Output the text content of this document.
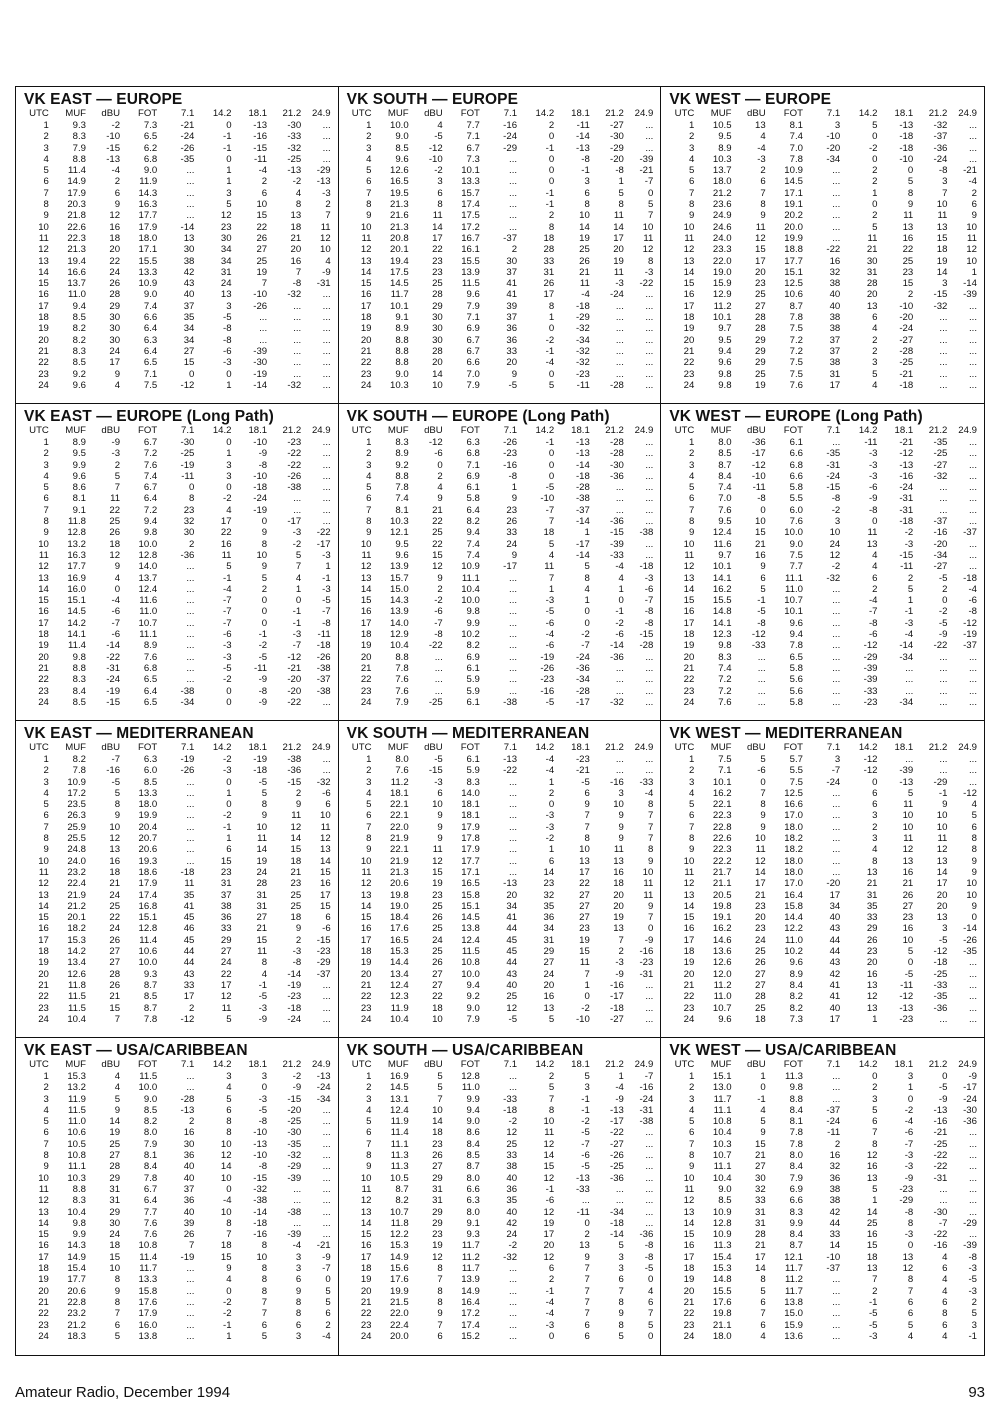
VK EAST — EUROPE
UTC	MUF	dBU	FOT	7.1	14.2	18.1	21.2	24.9
1	9.3	-2	7.3	-21	0	-13	-30	...
2	8.3	-10	6.5	-24	-1	-16	-33	...
3	7.9	-15	6.2	-26	-1	-15	-32	...
4	8.8	-13	6.8	-35	0	-11	-25	...
5	11.4	-4	9.0	...	1	-4	-13	-29
6	14.9	2	11.9	...	1	2	-2	-13
7	17.9	6	14.3	...	3	6	4	-3
8	20.3	9	16.3	...	5	10	8	2
9	21.8	12	17.7	...	12	15	13	7
10	22.6	16	17.9	-14	23	22	18	11
11	22.3	18	18.0	13	30	26	21	12
12	21.3	20	17.1	30	34	27	20	10
13	19.4	22	15.5	38	34	25	16	4
14	16.6	24	13.3	42	31	19	7	-9
15	13.7	26	10.9	43	24	7	-8	-31
16	11.0	28	9.0	40	13	-10	-32	...
17	9.4	29	7.4	37	3	-26	...	...
18	8.5	30	6.6	35	-5	...	...	...
19	8.2	30	6.4	34	-8	...	...	...
20	8.2	30	6.3	34	-8	...	...	...
21	8.3	24	6.4	27	-6	-39	...	...
22	8.5	17	6.5	15	-3	-30	...	...
23	9.2	9	7.1	0	0	-19	...	...
24	9.6	4	7.5	-12	1	-14	-32	...
VK SOUTH — EUROPE
UTC	MUF	dBU	FOT	7.1	14.2	18.1	21.2	24.9
1	10.0	4	7.7	-16	2	-11	-27	...
2	9.0	-5	7.1	-24	0	-14	-30	...
3	8.5	-12	6.7	-29	-1	-13	-29	...
4	9.6	-10	7.3	...	0	-8	-20	-39
5	12.6	-2	10.1	...	0	-1	-8	-21
6	16.5	3	13.3	...	0	3	1	-7
7	19.5	6	15.7	...	-1	6	5	0
8	21.3	8	17.4	...	-1	8	8	5
9	21.6	11	17.5	...	2	10	11	7
10	21.3	14	17.2	...	8	14	14	10
11	20.8	17	16.7	-37	18	19	17	11
12	20.1	22	16.1	2	28	25	20	12
13	19.4	23	15.5	30	33	26	19	8
14	17.5	23	13.9	37	31	21	11	-3
15	14.5	25	11.5	41	26	11	-3	-22
16	11.7	28	9.6	41	17	-4	-24	...
17	10.1	29	7.9	39	8	-18	...	...
18	9.1	30	7.1	37	1	-29	...	...
19	8.9	30	6.9	36	0	-32	...	...
20	8.8	30	6.7	36	-2	-34	...	...
21	8.8	28	6.7	33	-1	-32	...	...
22	8.8	20	6.6	20	-4	-32	...	...
23	9.0	14	7.0	9	0	-23	...	...
24	10.3	10	7.9	-5	5	-11	-28	...
VK WEST — EUROPE
UTC	MUF	dBU	FOT	7.1	14.2	18.1	21.2	24.9
1	10.5	13	8.1	3	5	-13	-32	...
2	9.5	4	7.4	-10	0	-18	-37	...
3	8.9	-4	7.0	-20	-2	-18	-36	...
4	10.3	-3	7.8	-34	0	-10	-24	...
5	13.7	2	10.9	...	2	0	-8	-21
6	18.0	6	14.5	...	2	5	3	-4
7	21.2	7	17.1	...	1	8	7	2
8	23.6	8	19.1	...	0	9	10	6
9	24.9	9	20.2	...	2	11	11	9
10	24.6	11	20.0	...	5	13	13	10
11	24.0	12	19.9	...	11	16	15	11
12	23.3	15	18.8	-22	21	22	18	12
13	22.0	17	17.7	16	30	25	19	10
14	19.0	20	15.1	32	31	23	14	1
15	15.9	23	12.5	38	28	15	3	-14
16	12.9	25	10.6	40	20	2	-15	-39
17	11.2	27	8.7	40	13	-10	-32	...
18	10.1	28	7.8	38	6	-20	...	...
19	9.7	28	7.5	38	4	-24	...	...
20	9.5	29	7.2	37	2	-27	...	...
21	9.4	29	7.2	37	2	-28	...	...
22	9.6	29	7.5	38	3	-25	...	...
23	9.8	25	7.5	31	5	-21	...	...
24	9.8	19	7.6	17	4	-18	...	...
VK EAST — EUROPE (Long Path)
UTC	MUF	dBU	FOT	7.1	14.2	18.1	21.2	24.9
1	8.9	-9	6.7	-30	0	-10	-23	...
2	9.5	-3	7.2	-25	1	-9	-22	...
3	9.9	2	7.6	-19	3	-8	-22	...
4	9.6	5	7.4	-11	3	-10	-26	...
5	8.6	7	6.7	0	0	-18	-38	...
6	8.1	11	6.4	8	-2	-24	...	...
7	9.1	22	7.2	23	4	-19	...	...
8	11.8	25	9.4	32	17	0	-17	...
9	12.8	26	9.8	30	22	9	-3	-22
10	13.2	18	10.0	2	16	8	-2	-17
11	16.3	12	12.8	-36	11	10	5	-3
12	17.7	9	14.0	...	5	9	7	1
13	16.9	4	13.7	...	-1	5	4	-1
14	16.0	0	12.4	...	-4	2	1	-3
15	15.1	-4	11.6	...	-7	0	0	-5
16	14.5	-6	11.0	...	-7	0	-1	-7
17	14.2	-7	10.7	...	-7	0	-1	-8
18	14.1	-6	11.1	...	-6	-1	-3	-11
19	11.4	-14	8.9	...	-3	-2	-7	-18
20	9.8	-22	7.6	...	-3	-5	-12	-26
21	8.8	-31	6.8	...	-5	-11	-21	-38
22	8.3	-24	6.5	...	-2	-9	-20	-37
23	8.4	-19	6.4	-38	0	-8	-20	-38
24	8.5	-15	6.5	-34	0	-9	-22	...
VK SOUTH — EUROPE (Long Path)
UTC	MUF	dBU	FOT	7.1	14.2	18.1	21.2	24.9
1	8.3	-12	6.3	-26	-1	-13	-28	...
2	8.9	-6	6.8	-23	0	-13	-28	...
3	9.2	0	7.1	-16	0	-14	-30	...
4	8.8	2	6.9	-8	0	-18	-36	...
5	7.8	4	6.1	1	-5	-28	...	...
6	7.4	9	5.8	9	-10	-38	...	...
7	8.1	21	6.4	23	-7	-37	...	...
8	10.3	22	8.2	26	7	-14	-36	...
9	12.1	25	9.4	33	18	1	-15	-38
10	9.5	22	7.4	24	5	-17	-39	...
11	9.6	15	7.4	9	4	-14	-33	...
12	13.9	12	10.9	-17	11	5	-4	-18
13	15.7	9	11.1	...	7	8	4	-3
14	15.0	2	10.4	...	1	4	1	-6
15	14.3	-2	10.0	...	-3	1	0	-7
16	13.9	-6	9.8	...	-5	0	-1	-8
17	14.0	-7	9.9	...	-6	0	-2	-8
18	12.9	-8	10.2	...	-4	-2	-6	-15
19	10.4	-22	8.2	...	-6	-7	-14	-28
20	8.8	...	6.9	...	-19	-24	-36	...
21	7.8	...	6.1	...	-26	-36	...	...
22	7.6	...	5.9	...	-23	-34	...	...
23	7.6	...	5.9	...	-16	-28	...	...
24	7.9	-25	6.1	-38	-5	-17	-32	...
VK WEST — EUROPE (Long Path)
UTC	MUF	dBU	FOT	7.1	14.2	18.1	21.2	24.9
1	8.0	-36	6.1	...	-11	-21	-35	...
2	8.5	-17	6.6	-35	-3	-12	-25	...
3	8.7	-12	6.8	-31	-3	-13	-27	...
4	8.4	-10	6.6	-24	-3	-16	-32	...
5	7.4	-11	5.8	-15	-6	-24	...	...
6	7.0	-8	5.5	-8	-9	-31	...	...
7	7.6	0	6.0	-2	-8	-31	...	...
8	9.5	10	7.6	3	0	-18	-37	...
9	12.4	15	10.0	10	11	-2	-16	-37
10	11.6	21	9.0	24	13	-3	-20	...
11	9.7	16	7.5	12	4	-15	-34	...
12	10.1	9	7.7	-2	4	-11	-27	...
13	14.1	6	11.1	-32	6	2	-5	-18
14	16.2	5	11.0	...	2	5	2	-4
15	15.5	-1	10.7	...	-4	1	0	-6
16	14.8	-5	10.1	...	-7	-1	-2	-8
17	14.1	-8	9.6	...	-8	-3	-5	-12
18	12.3	-12	9.4	...	-6	-4	-9	-19
19	9.8	-33	7.8	...	-12	-14	-22	-37
20	8.3	...	6.5	...	-29	-34	...	...
21	7.4	...	5.8	...	-39	...	...	...
22	7.2	...	5.6	...	-39	...	...	...
23	7.2	...	5.6	...	-33	...	...	...
24	7.6	...	5.8	...	-23	-34	...	...
VK EAST — MEDITERRANEAN
UTC	MUF	dBU	FOT	7.1	14.2	18.1	21.2	24.9
1	8.2	-7	6.3	-19	-2	-19	-38	...
2	7.8	-16	6.0	-26	-3	-18	-36	...
3	10.9	-5	8.5	...	0	-5	-15	-32
4	17.2	5	13.3	...	1	5	2	-6
5	23.5	8	18.0	...	0	8	9	6
6	26.3	9	19.9	...	-2	9	11	10
7	25.9	10	20.4	...	-1	10	12	11
8	25.5	12	20.7	...	1	11	14	12
9	24.8	13	20.6	...	6	14	15	13
10	24.0	16	19.3	...	15	19	18	14
11	23.2	18	18.6	-18	23	24	21	15
12	22.4	21	17.9	11	31	28	23	16
13	21.9	24	17.4	35	37	31	25	17
14	21.2	25	16.8	41	38	31	25	15
15	20.1	22	15.1	45	36	27	18	6
16	18.2	24	12.8	46	33	21	9	-6
17	15.3	26	11.4	45	29	15	2	-15
18	14.2	27	10.6	44	27	11	-3	-23
19	13.4	27	10.0	44	24	8	-8	-29
20	12.6	28	9.3	43	22	4	-14	-37
21	11.8	26	8.7	33	17	-1	-19	...
22	11.5	21	8.5	17	12	-5	-23	...
23	11.5	15	8.7	2	11	-3	-18	...
24	10.4	7	7.8	-12	5	-9	-24	...
VK SOUTH — MEDITERRANEAN
UTC	MUF	dBU	FOT	7.1	14.2	18.1	21.2	24.9
1	8.0	-5	6.1	-13	-4	-23	...	...
2	7.6	-15	5.9	-22	-4	-21	...	...
3	11.2	-3	8.3	...	1	-5	-16	-33
4	18.1	6	14.0	...	2	6	3	-4
5	22.1	10	18.1	...	0	9	10	8
6	22.1	9	18.1	...	-3	7	9	7
7	22.0	9	17.9	...	-3	7	9	7
8	21.9	9	17.8	...	-2	8	9	7
9	22.1	11	17.9	...	1	10	11	8
10	21.9	12	17.7	...	6	13	13	9
11	21.3	15	17.1	...	14	17	16	10
12	20.6	19	16.5	-13	23	22	18	11
13	19.8	23	15.8	20	32	27	20	11
14	19.0	25	15.1	34	35	27	20	9
15	18.4	26	14.5	41	36	27	19	7
16	17.6	25	13.8	44	34	23	13	0
17	16.5	24	12.4	45	31	19	7	-9
18	15.3	25	11.5	45	29	15	2	-16
19	14.4	26	10.8	44	27	11	-3	-23
20	13.4	27	10.0	43	24	7	-9	-31
21	12.4	27	9.4	40	20	1	-16	...
22	12.3	22	9.2	25	16	0	-17	...
23	11.9	18	9.0	12	13	-2	-18	...
24	10.4	10	7.9	-5	5	-10	-27	...
VK WEST — MEDITERRANEAN
UTC	MUF	dBU	FOT	7.1	14.2	18.1	21.2	24.9
1	7.5	5	5.7	3	-12	...	...	...
2	7.1	-6	5.5	-7	-12	-39	...	...
3	10.1	0	7.5	-24	0	-13	-29	...
4	16.2	7	12.5	...	6	5	-1	-12
5	22.1	8	16.6	...	6	11	9	4
6	22.3	9	17.0	...	3	10	10	5
7	22.8	9	18.0	...	2	10	10	6
8	22.6	10	18.2	...	3	11	11	8
9	22.3	11	18.2	...	4	12	12	8
10	22.2	12	18.0	...	8	13	13	9
11	21.7	14	18.0	...	13	16	14	9
12	21.1	17	17.0	-20	21	21	17	10
13	20.5	21	16.4	17	31	26	20	10
14	19.8	23	15.8	34	35	27	20	9
15	19.1	20	14.4	40	33	23	13	0
16	16.2	23	12.2	43	29	16	3	-14
17	14.6	24	11.0	44	26	10	-5	-26
18	13.6	25	10.2	44	23	5	-12	-35
19	12.6	26	9.6	43	20	0	-18	...
20	12.0	27	8.9	42	16	-5	-25	...
21	11.2	27	8.4	41	13	-11	-33	...
22	11.0	28	8.2	41	12	-12	-35	...
23	10.7	25	8.2	40	13	-13	-36	...
24	9.6	18	7.3	17	1	-23	...	...
VK EAST — USA/CARIBBEAN
UTC	MUF	dBU	FOT	7.1	14.2	18.1	21.2	24.9
1	15.3	4	11.5	...	3	3	-2	-13
2	13.2	4	10.0	...	4	0	-9	-24
3	11.9	5	9.0	-28	5	-3	-15	-34
4	11.5	9	8.5	-13	6	-5	-20	...
5	11.0	14	8.2	2	8	-8	-25	...
6	10.6	19	8.0	16	8	-10	-30	...
7	10.5	25	7.9	30	10	-13	-35	...
8	10.8	27	8.1	36	12	-10	-32	...
9	11.1	28	8.4	40	14	-8	-29	...
10	10.3	29	7.8	40	10	-15	-39	...
11	8.8	31	6.7	37	0	-32	...	...
12	8.3	31	6.4	36	-4	-38	...	...
13	10.4	29	7.7	40	10	-14	-38	...
14	9.8	30	7.6	39	8	-18	...	...
15	9.9	24	7.6	26	7	-16	-39	...
16	14.3	18	10.8	7	18	8	-4	-21
17	14.9	15	11.4	-19	15	10	3	-9
18	15.4	10	11.7	...	9	8	3	-7
19	17.7	8	13.3	...	4	8	6	0
20	20.6	9	15.8	...	0	8	9	5
21	22.8	8	17.6	...	-2	7	8	5
22	23.2	7	17.9	...	-2	7	8	6
23	21.2	6	16.0	...	-1	6	6	2
24	18.3	5	13.8	...	1	5	3	-4
VK SOUTH — USA/CARIBBEAN
UTC	MUF	dBU	FOT	7.1	14.2	18.1	21.2	24.9
1	16.9	5	12.8	...	2	5	1	-7
2	14.5	5	11.0	...	5	3	-4	-16
3	13.1	7	9.9	-33	7	-1	-9	-24
4	12.4	10	9.4	-18	8	-1	-13	-31
5	11.9	14	9.0	-2	10	-2	-17	-38
6	11.4	18	8.6	12	11	-5	-22	...
7	11.1	23	8.4	25	12	-7	-27	...
8	11.3	26	8.5	33	14	-6	-26	...
9	11.3	27	8.7	38	15	-5	-25	...
10	10.5	29	8.0	40	12	-13	-36	...
11	8.7	31	6.6	36	-1	-33	...	...
12	8.2	31	6.3	35	-6	...	...	...
13	10.7	29	8.0	40	12	-11	-34	...
14	11.8	29	9.1	42	19	0	-18	...
15	12.2	23	9.3	24	17	2	-14	-36
16	15.3	19	11.7	-2	20	13	5	-8
17	14.9	12	11.2	-32	12	9	3	-8
18	15.6	8	11.7	...	6	7	3	-5
19	17.6	7	13.9	...	2	7	6	0
20	19.9	8	14.9	...	-1	7	7	4
21	21.5	8	16.4	...	-4	7	8	6
22	22.0	9	17.2	...	-4	7	9	7
23	22.4	7	17.4	...	-3	6	8	5
24	20.0	6	15.2	...	0	6	5	0
VK WEST — USA/CARIBBEAN
UTC	MUF	dBU	FOT	7.1	14.2	18.1	21.2	24.9
1	15.1	1	11.3	...	0	3	0	-9
2	13.0	0	9.8	...	2	1	-5	-17
3	11.7	-1	8.8	...	3	0	-9	-24
4	11.1	4	8.4	-37	5	-2	-13	-30
5	10.8	5	8.1	-24	6	-4	-16	-36
6	10.4	9	7.8	-11	7	-6	-21	...
7	10.3	15	7.8	2	8	-7	-25	...
8	10.7	21	8.0	16	12	-3	-22	...
9	11.1	27	8.4	32	16	-3	-22	...
10	10.4	30	7.9	36	13	-9	-31	...
11	9.0	32	6.9	38	5	-23	...	...
12	8.5	33	6.6	38	1	-29	...	...
13	10.9	31	8.3	42	14	-8	-30	...
14	12.8	31	9.9	44	25	8	-7	-29
15	10.9	28	8.4	33	16	-3	-22	...
16	11.3	21	8.7	14	15	0	-16	-39
17	15.4	17	12.1	-10	18	13	4	-8
18	15.3	14	11.7	-37	13	12	6	-3
19	14.8	8	11.2	...	7	8	4	-5
20	15.5	5	11.7	...	2	7	4	-3
21	17.6	6	13.8	...	-1	6	6	2
22	19.8	7	15.0	...	-5	6	8	5
23	21.1	6	15.9	...	-5	5	6	3
24	18.0	4	13.6	...	-3	4	4	-1
Amateur Radio, December 1994	93
